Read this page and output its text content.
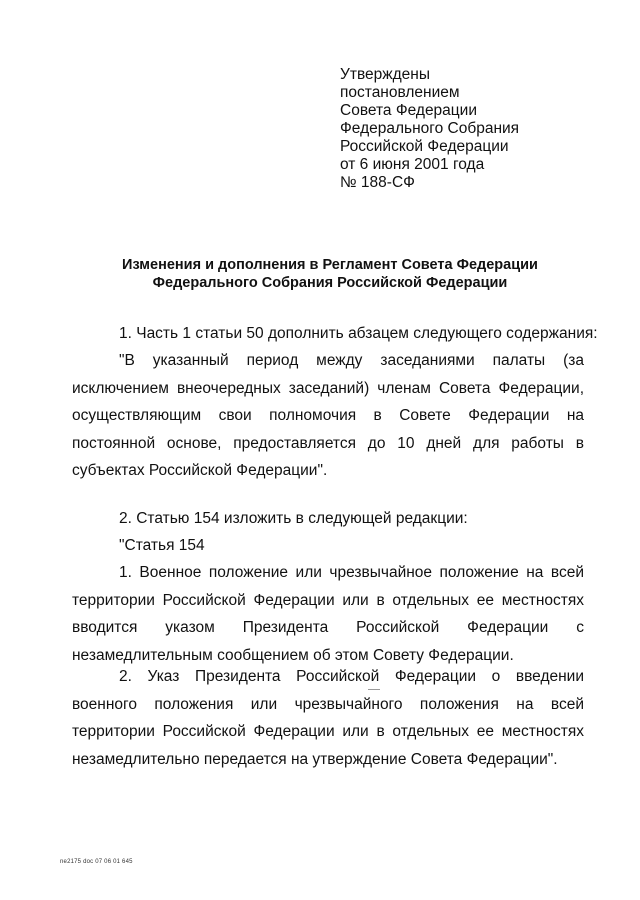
Утверждены
постановлением
Совета Федерации
Федерального Собрания
Российской Федерации
от 6 июня 2001 года
№ 188-СФ
Изменения и дополнения в Регламент Совета Федерации
Федерального Собрания Российской Федерации
1. Часть 1 статьи 50 дополнить абзацем следующего содержания:
"В указанный период между заседаниями палаты (за исключением внеочередных заседаний) членам Совета Федерации, осуществляющим свои полномочия в Совете Федерации на постоянной основе, предоставляется до 10 дней для работы в субъектах Российской Федерации".
2. Статью 154 изложить в следующей редакции:
"Статья 154
1. Военное положение или чрезвычайное положение на всей территории Российской Федерации или в отдельных ее местностях вводится указом Президента Российской Федерации с незамедлительным сообщением об этом Совету Федерации.
2. Указ Президента Российской Федерации о введении военного положения или чрезвычайного положения на всей территории Российской Федерации или в отдельных ее местностях незамедлительно передается на утверждение Совета Федерации".
ne2175 doc 07 06 01 645
